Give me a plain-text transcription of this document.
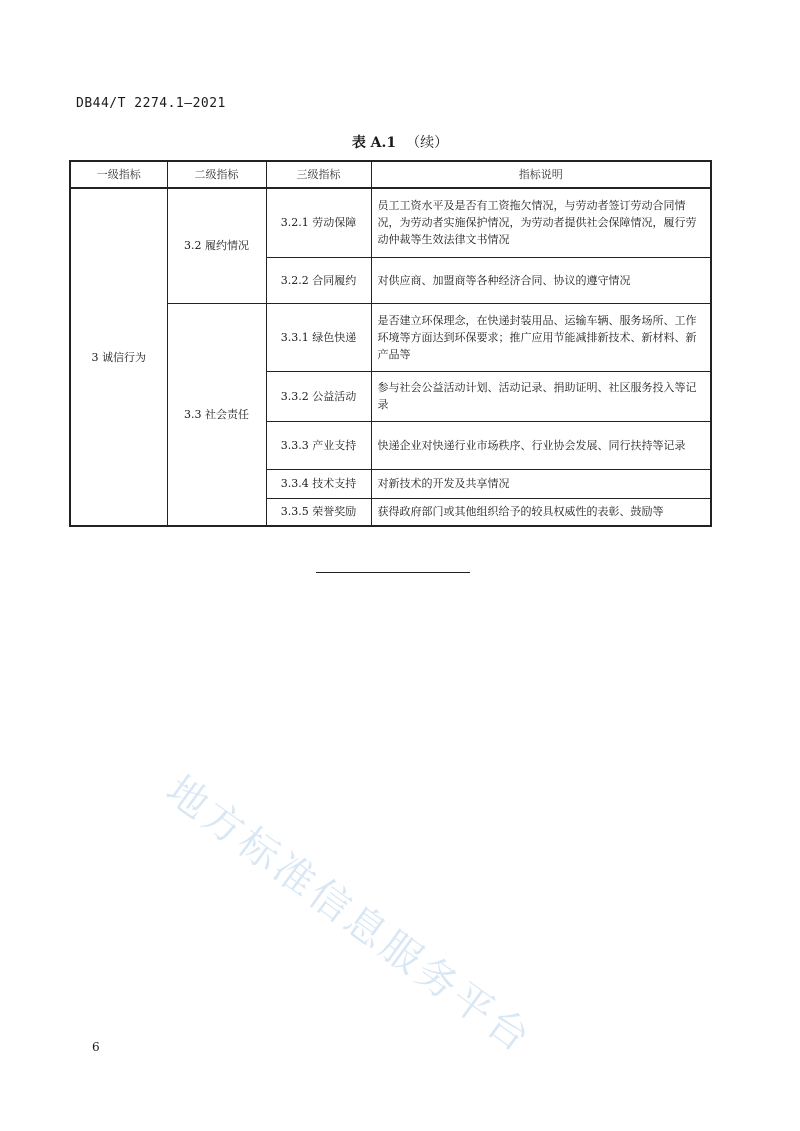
DB44/T 2274.1—2021
表 A.1 （续）
一级指标	二级指标	三级指标	指标说明
3 诚信行为	3.2 履约情况	3.2.1 劳动保障	员工工资水平及是否有工资拖欠情况，与劳动者签订劳动合同情况，为劳动者实施保护情况，为劳动者提供社会保障情况，履行劳动仲裁等生效法律文书情况
		3.2.2 合同履约	对供应商、加盟商等各种经济合同、协议的遵守情况
	3.3 社会责任	3.3.1 绿色快递	是否建立环保理念，在快递封装用品、运输车辆、服务场所、工作环境等方面达到环保要求；推广应用节能减排新技术、新材料、新产品等
		3.3.2 公益活动	参与社会公益活动计划、活动记录、捐助证明、社区服务投入等记录
		3.3.3 产业支持	快递企业对快递行业市场秩序、行业协会发展、同行扶持等记录
		3.3.4 技术支持	对新技术的开发及共享情况
		3.3.5 荣誉奖励	获得政府部门或其他组织给予的较具权威性的表彰、鼓励等
地方标准信息服务平台
6
